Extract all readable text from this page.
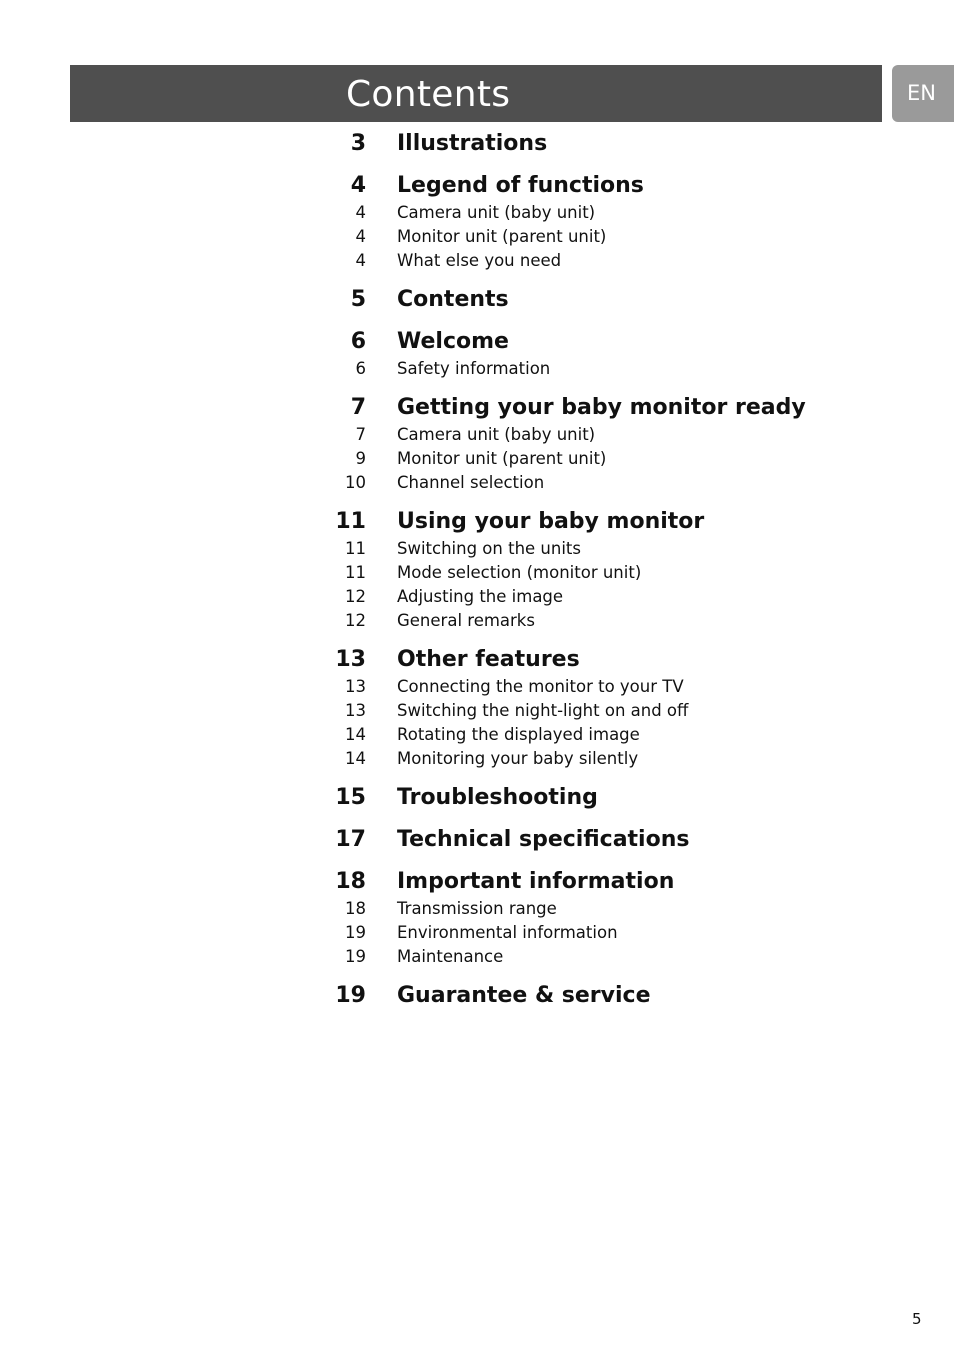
Contents	EN
3 Illustrations
4 Legend of functions
4 Camera unit (baby unit)
4 Monitor unit (parent unit)
4 What else you need
5 Contents
6 Welcome
6 Safety information
7 Getting your baby monitor ready
7 Camera unit (baby unit)
9 Monitor unit (parent unit)
10 Channel selection
11 Using your baby monitor
11 Switching on the units
11 Mode selection (monitor unit)
12 Adjusting the image
12 General remarks
13 Other features
13 Connecting the monitor to your TV
13 Switching the night-light on and off
14 Rotating the displayed image
14 Monitoring your baby silently
15 Troubleshooting
17 Technical specifications
18 Important information
18 Transmission range
19 Environmental information
19 Maintenance
19 Guarantee & service
5
